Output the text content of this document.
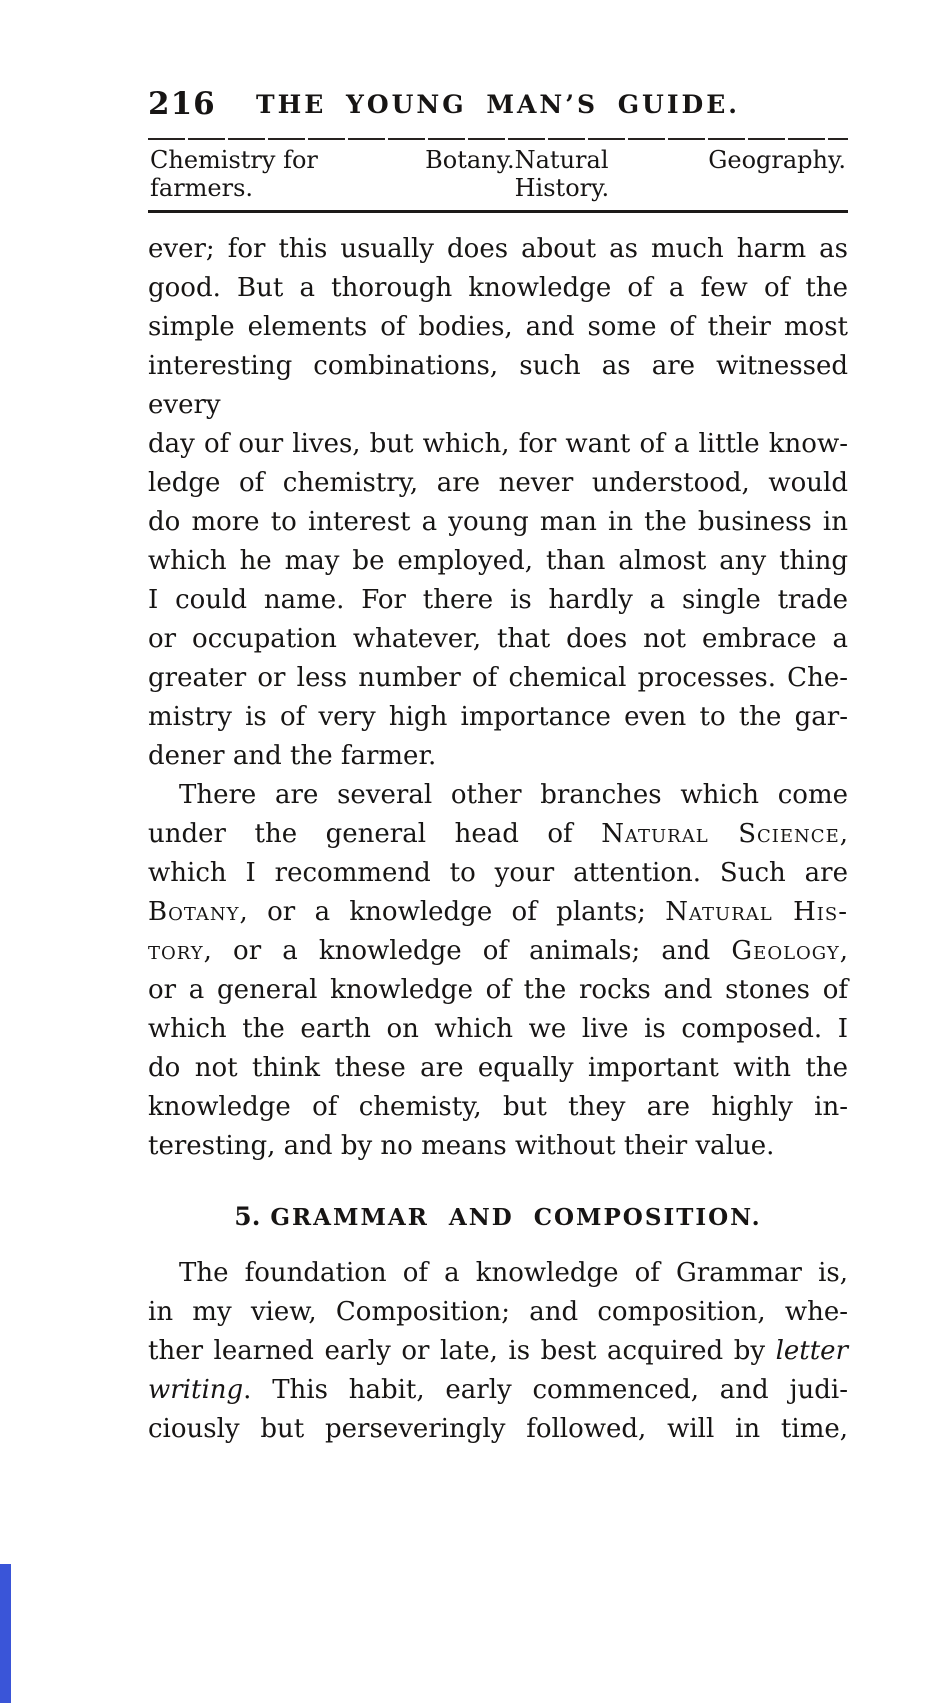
216	THE YOUNG MAN’S GUIDE.
Chemistry for farmers.
Botany. Natural History.
Geography.
ever; for this usually does about as much harm as
good. But a thorough knowledge of a few of the
simple elements of bodies, and some of their most
interesting combinations, such as are witnessed every
day of our lives, but which, for want of a little know-
ledge of chemistry, are never understood, would
do more to interest a young man in the business in
which he may be employed, than almost any thing
I could name. For there is hardly a single trade
or occupation whatever, that does not embrace a
greater or less number of chemical processes. Che-
mistry is of very high importance even to the gar-
dener and the farmer.
There are several other branches which come
under the general head of Natural Science,
which I recommend to your attention. Such are
Botany, or a knowledge of plants; Natural His-
tory, or a knowledge of animals; and Geology,
or a general knowledge of the rocks and stones of
which the earth on which we live is composed. I
do not think these are equally important with the
knowledge of chemisty, but they are highly in-
teresting, and by no means without their value.
5. GRAMMAR AND COMPOSITION.
The foundation of a knowledge of Grammar is,
in my view, Composition; and composition, whe-
ther learned early or late, is best acquired by letter
writing. This habit, early commenced, and judi-
ciously but perseveringly followed, will in time,
